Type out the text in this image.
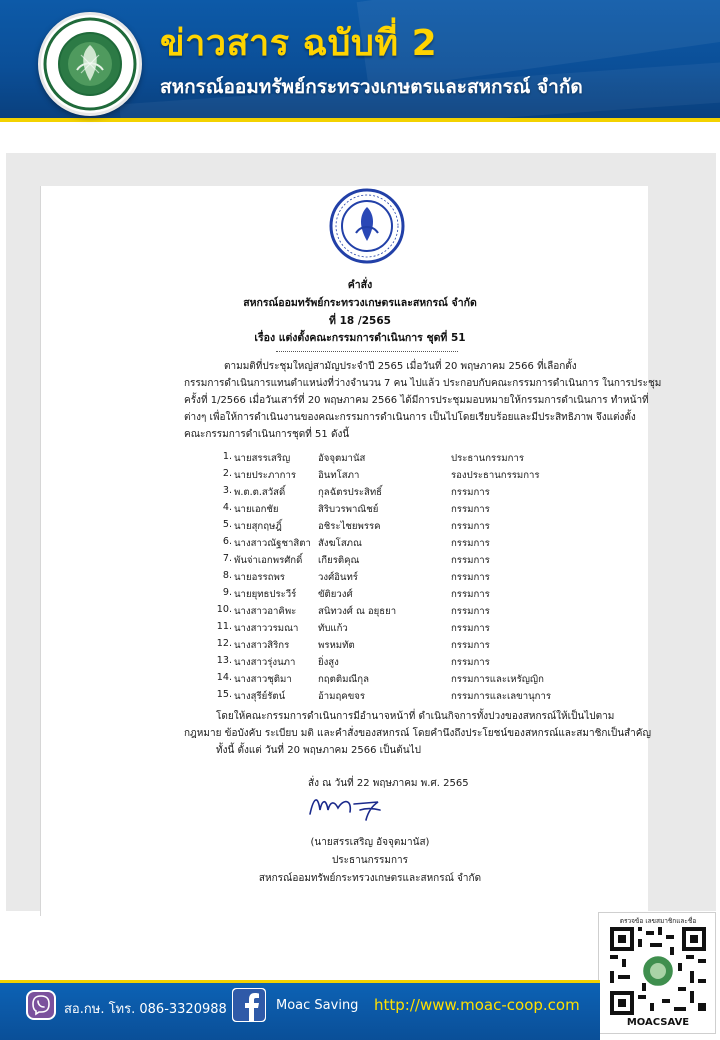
ข่าวสาร ฉบับที่ 2
สหกรณ์ออมทรัพย์กระทรวงเกษตรและสหกรณ์ จำกัด
คำสั่ง
สหกรณ์ออมทรัพย์กระทรวงเกษตรและสหกรณ์ จำกัด
ที่ 18 /2565
เรื่อง แต่งตั้งคณะกรรมการดำเนินการ ชุดที่ 51
ตามมติที่ประชุมใหญ่สามัญประจำปี 2565 เมื่อวันที่ 20 พฤษภาคม 2566 ที่เลือกตั้ง
กรรมการดำเนินการแทนตำแหน่งที่ว่างจำนวน 7 คน ไปแล้ว ประกอบกับคณะกรรมการดำเนินการ ในการประชุม
ครั้งที่ 1/2566 เมื่อวันเสาร์ที่ 20 พฤษภาคม 2566 ได้มีการประชุมมอบหมายให้กรรมการดำเนินการ ทำหน้าที่
ต่างๆ เพื่อให้การดำเนินงานของคณะกรรมการดำเนินการ เป็นไปโดยเรียบร้อยและมีประสิทธิภาพ จึงแต่งตั้ง
คณะกรรมการดำเนินการชุดที่ 51 ดังนี้
1. นายสรรเสริญ	อัจจุตมานัส	ประธานกรรมการ
2. นายประภาการ อินทโสภา	รองประธานกรรมการ
3. พ.ต.ต.สวัสดิ์	กุลฉัตรประสิทธิ์	กรรมการ
4. นายเอกชัย	สิริบวรพาณิชย์	กรรมการ
5. นายสุกฤษฎิ์	อชิระไชยพรรค	กรรมการ
6. นางสาวณัฐชาสิตา สังฆโสภณ	กรรมการ
7. พันจ่าเอกพรศักดิ์ เกียรติคุณ	กรรมการ
8. นายอรรถพร	วงศ์อินทร์	กรรมการ
9. นายยุทธประวีร์ ขัติยวงศ์	กรรมการ
10. นางสาวอาคิพะ สนิทวงศ์ ณ อยุธยา	กรรมการ
11. นางสาววรมณา ทับแก้ว	กรรมการ
12. นางสาวสิริกร	พรหมทัต	กรรมการ
13. นางสาวรุ่งนภา ยิ่งสูง	กรรมการ
14. นางสาวชุติมา	กฤตติมณีกุล	กรรมการและเหรัญญิก
15. นางสุรีย์รัตน์	อ้ามฤคขจร	กรรมการและเลขานุการ
โดยให้คณะกรรมการดำเนินการมีอำนาจหน้าที่ ดำเนินกิจการทั้งปวงของสหกรณ์ให้เป็นไปตาม
กฎหมาย ข้อบังคับ ระเบียบ มติ และคำสั่งของสหกรณ์ โดยคำนึงถึงประโยชน์ของสหกรณ์และสมาชิกเป็นสำคัญ
ทั้งนี้ ตั้งแต่ วันที่ 20 พฤษภาคม 2566 เป็นต้นไป
สั่ง ณ วันที่ 22 พฤษภาคม พ.ศ. 2565
(นายสรรเสริญ อัจจุตมานัส)
ประธานกรรมการ
สหกรณ์ออมทรัพย์กระทรวงเกษตรและสหกรณ์ จำกัด
ตรวจข้อ เลขสมาชิกและชื่อ
MOACSAVE
สอ.กษ. โทร. 086-3320988	Moac Saving http://www.moac-coop.com
